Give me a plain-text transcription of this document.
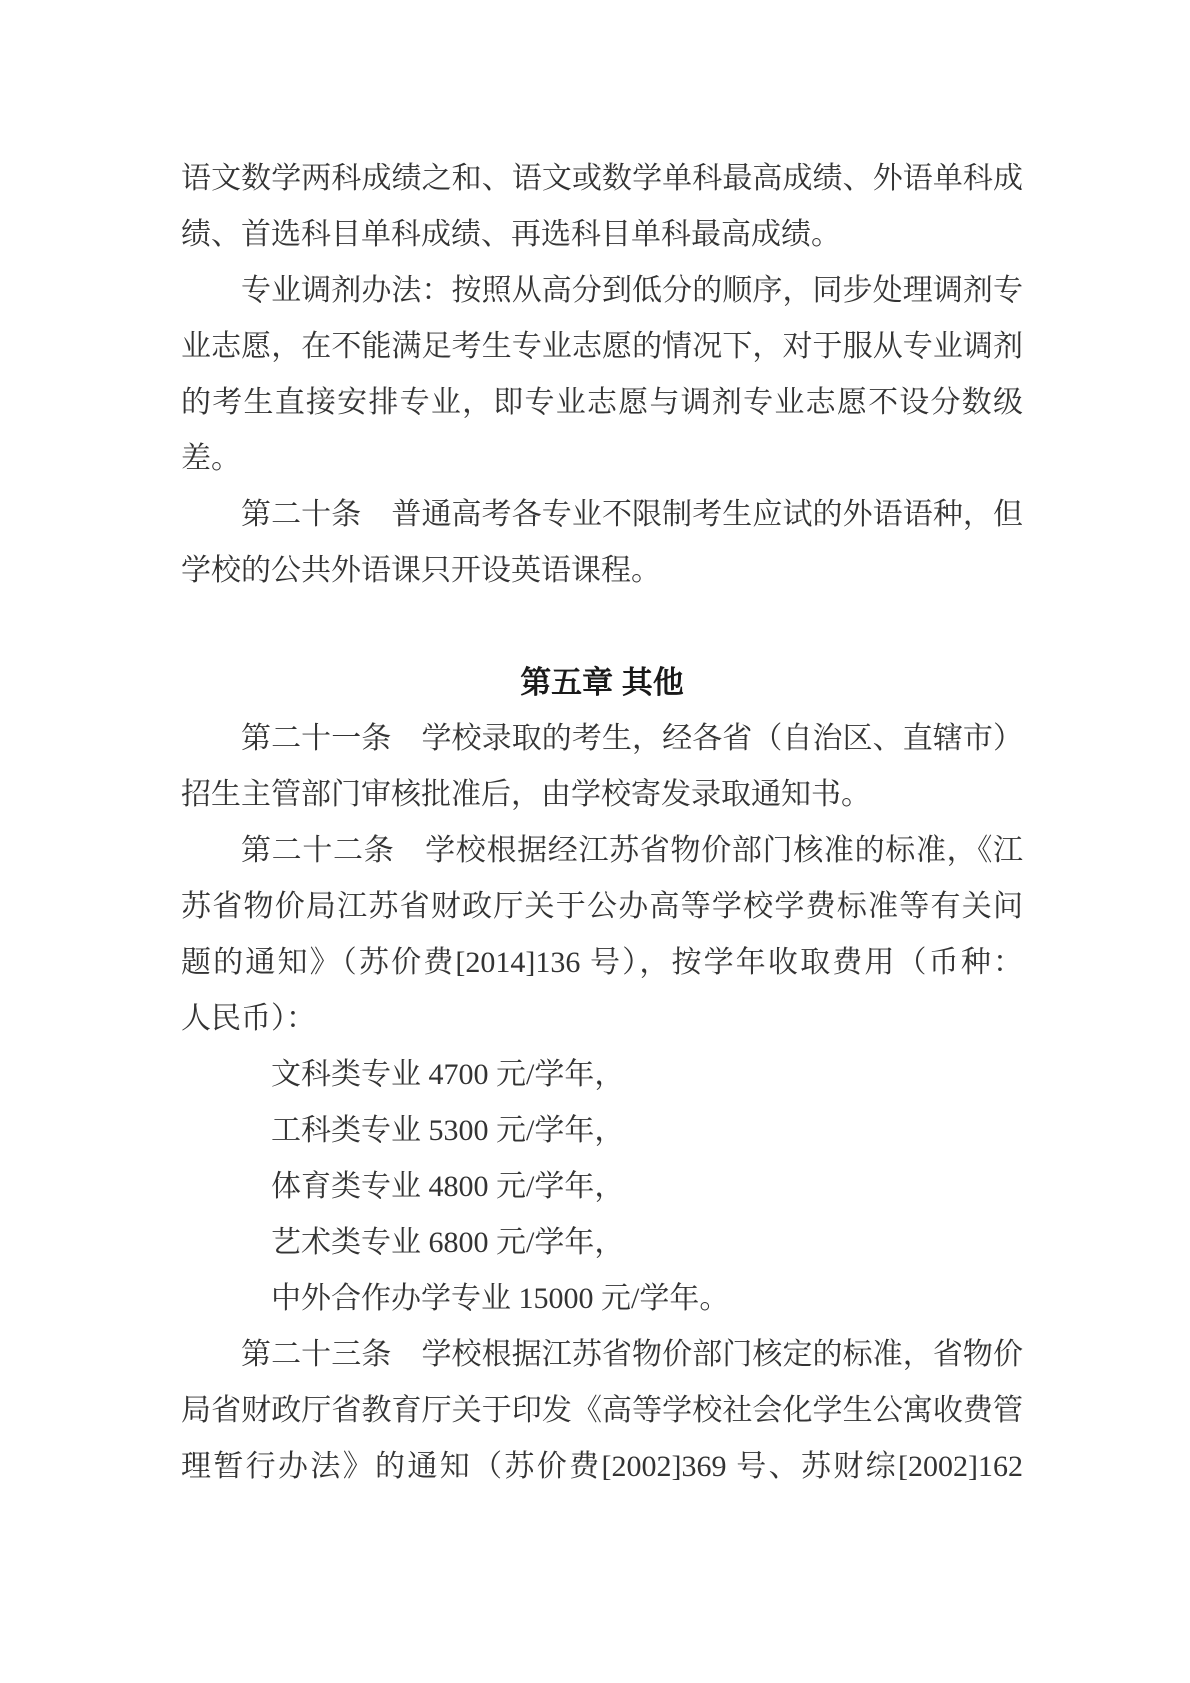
语文数学两科成绩之和、语文或数学单科最高成绩、外语单科成
绩、首选科目单科成绩、再选科目单科最高成绩。
专业调剂办法：按照从高分到低分的顺序，同步处理调剂专
业志愿，在不能满足考生专业志愿的情况下，对于服从专业调剂
的考生直接安排专业，即专业志愿与调剂专业志愿不设分数级
差。
第二十条　普通高考各专业不限制考生应试的外语语种，但
学校的公共外语课只开设英语课程。
第五章 其他
第二十一条　学校录取的考生，经各省（自治区、直辖市）
招生主管部门审核批准后，由学校寄发录取通知书。
第二十二条　学校根据经江苏省物价部门核准的标准，《江
苏省物价局江苏省财政厅关于公办高等学校学费标准等有关问
题的通知》（苏价费[2014]136 号），按学年收取费用（币种：
人民币）：
文科类专业 4700 元/学年，
工科类专业 5300 元/学年，
体育类专业 4800 元/学年，
艺术类专业 6800 元/学年，
中外合作办学专业 15000 元/学年。
第二十三条　学校根据江苏省物价部门核定的标准，省物价
局省财政厅省教育厅关于印发《高等学校社会化学生公寓收费管
理暂行办法》的通知（苏价费[2002]369 号、苏财综[2002]162
